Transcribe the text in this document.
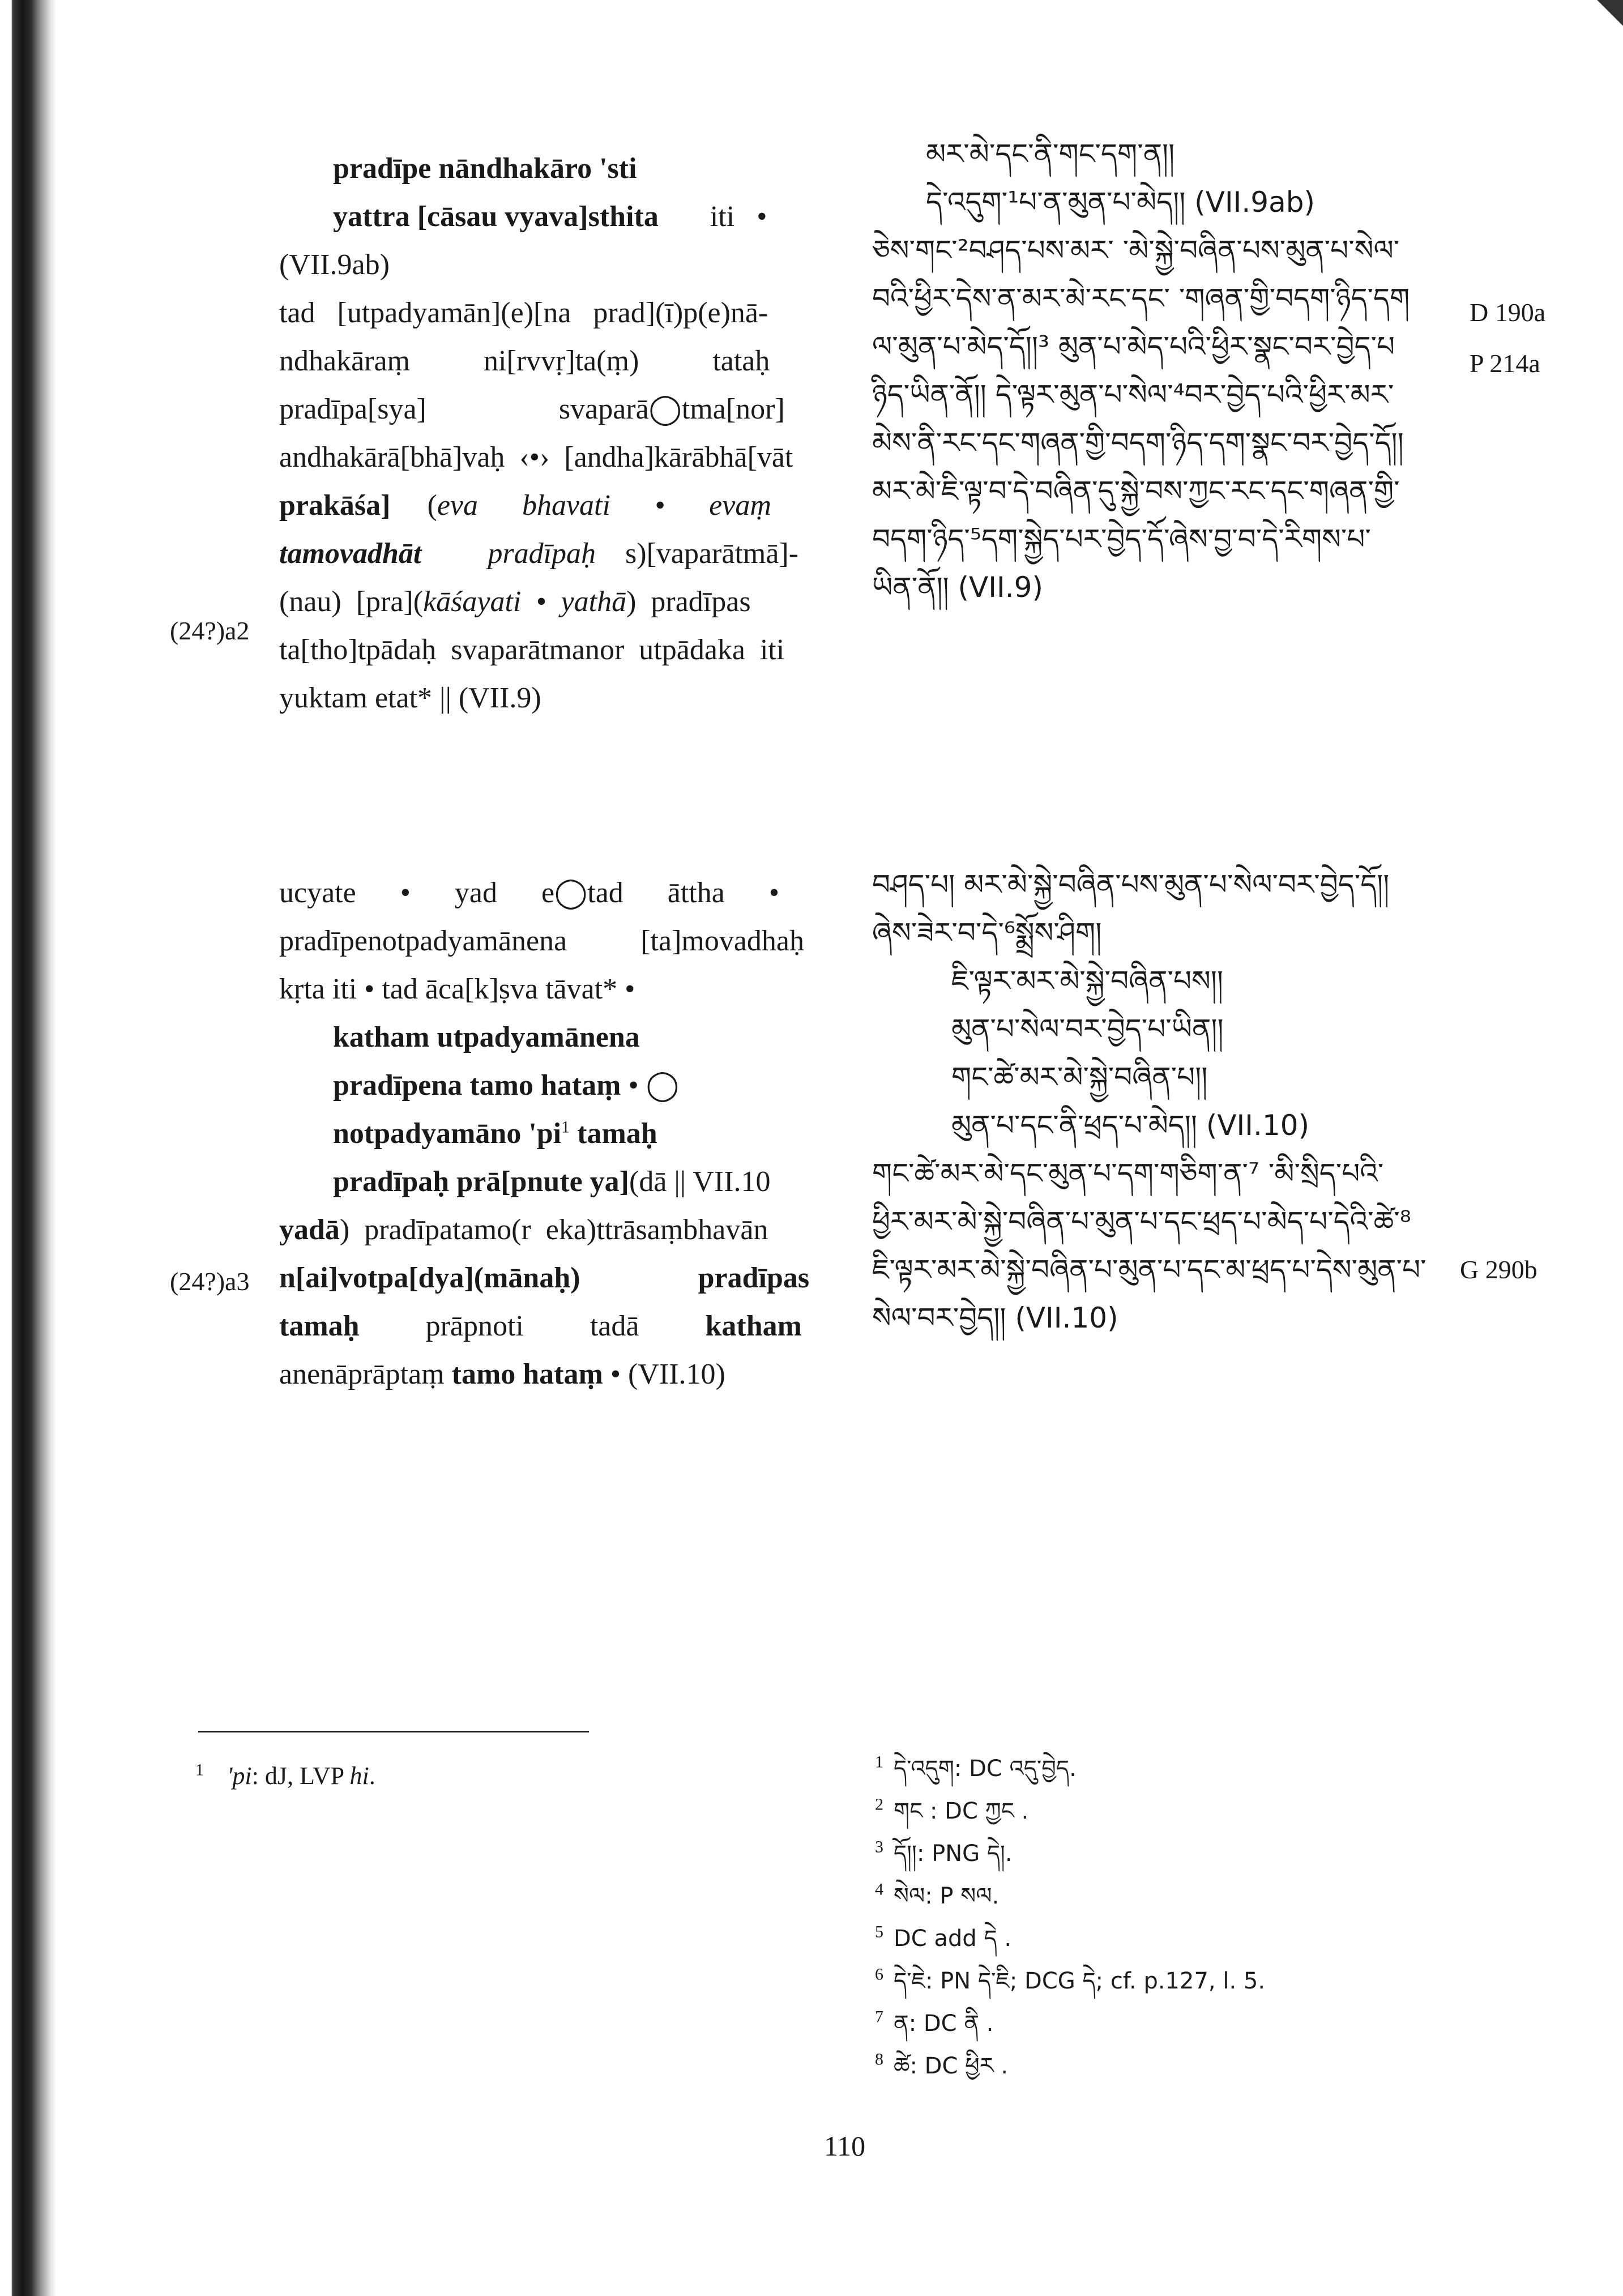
pradīpe nāndhakāro 'sti
yattra [cāsau vyava]sthita       iti   •
(VII.9ab)
tad   [utpadyamān](e)[na   prad](ī)p(e)nā-
ndhakāraṃ          ni[rvvṛ]ta(ṃ)          tataḥ
pradīpa[sya]                  svaparā◯tma[nor]
andhakārā[bhā]vaḥ  ‹•›  [andha]kārābhā[vāt
prakāśa]     (eva      bhavati      •      evaṃ
tamovadhāt pradīpaḥ    s)[vaparātmā]-
(nau)  [pra](kāśayati  •  yathā)  pradīpas
ta[tho]tpādaḥ  svaparātmanor  utpādaka  iti
yuktam etat* || (VII.9)
(24?)a2
ucyate      •      yad      e◯tad      āttha      •
pradīpenotpadyamānena          [ta]movadhaḥ
kṛta iti • tad āca[k]ṣva tāvat* •
katham utpadyamānena
pradīpena tamo hataṃ • ◯
notpadyamāno '$pi^1$ tamaḥ
pradīpaḥ prā[pnute ya](dā || VII.10
yadā)  pradīpatamo(r  eka)ttrāsaṃbhavān
n[ai]votpa[dya](mānaḥ)	pradīpas
tamaḥ         prāpnoti         tadā         katham
anenāprāptaṃ tamo hataṃ • (VII.10)
(24?)a3
མར་མེ་དང་ནི་གང་དག་ན།།
དེ་འདུག་¹པ་ན་མུན་པ་མེད།། (VII.9ab)
ཅེས་གང་²བཤད་པས་མར་ ་མེ་སྐྱེ་བཞིན་པས་མུན་པ་སེལ་
བའི་ཕྱིར་དེས་ན་མར་མེ་རང་དང་ ་གཞན་གྱི་བདག་ཉིད་དག
ལ་མུན་པ་མེད་དོ།།³ མུན་པ་མེད་པའི་ཕྱིར་སྣང་བར་བྱེད་པ
ཉིད་ཡིན་ནོ།། དེ་ལྟར་མུན་པ་སེལ་⁴བར་བྱེད་པའི་ཕྱིར་མར་
མེས་ནི་རང་དང་གཞན་གྱི་བདག་ཉིད་དག་སྣང་བར་བྱེད་དོ།།
མར་མེ་ཇི་ལྟ་བ་དེ་བཞིན་དུ་སྐྱེ་བས་ཀྱང་རང་དང་གཞན་གྱི་
བདག་ཉིད་⁵དག་སྐྱེད་པར་བྱེད་དོ་ཞེས་བྱ་བ་དེ་རིགས་པ་
ཡིན་ནོ།། (VII.9)
D 190a
P 214a
བཤད་པ། མར་མེ་སྐྱེ་བཞིན་པས་མུན་པ་སེལ་བར་བྱེད་དོ།།
ཞེས་ཟེར་བ་དེ་⁶སྨྲོས་ཤིག།
ཇི་ལྟར་མར་མེ་སྐྱེ་བཞིན་པས།།
མུན་པ་སེལ་བར་བྱེད་པ་ཡིན།།
གང་ཚེ་མར་མེ་སྐྱེ་བཞིན་པ།།
མུན་པ་དང་ནི་ཕྲད་པ་མེད།། (VII.10)
གང་ཚེ་མར་མེ་དང་མུན་པ་དག་གཅིག་ན་⁷ ་མི་སྲིད་པའི་
ཕྱིར་མར་མེ་སྐྱེ་བཞིན་པ་མུན་པ་དང་ཕྲད་པ་མེད་པ་དེའི་ཚེ་⁸
ཇི་ལྟར་མར་མེ་སྐྱེ་བཞིན་པ་མུན་པ་དང་མ་ཕྲད་པ་དེས་མུན་པ་
སེལ་བར་བྱེད།། (VII.10)
G 290b
$^1$ 'pi: dJ, LVP hi.
$^1$ དེ་འདུག: DC འདུ་བྱེད.
$^2$ གང : DC ཀྱང .
$^3$ དོ།།: PNG དེ།.
$^4$ སེལ: P སལ.
$^5$ DC add དེ .
$^6$ དེ་ཇེ: PN དེ་ཇི; DCG དེ; cf. p.127, l. 5.
$^7$ ན: DC ནི .
$^8$ ཚེ: DC ཕྱིར .
110
